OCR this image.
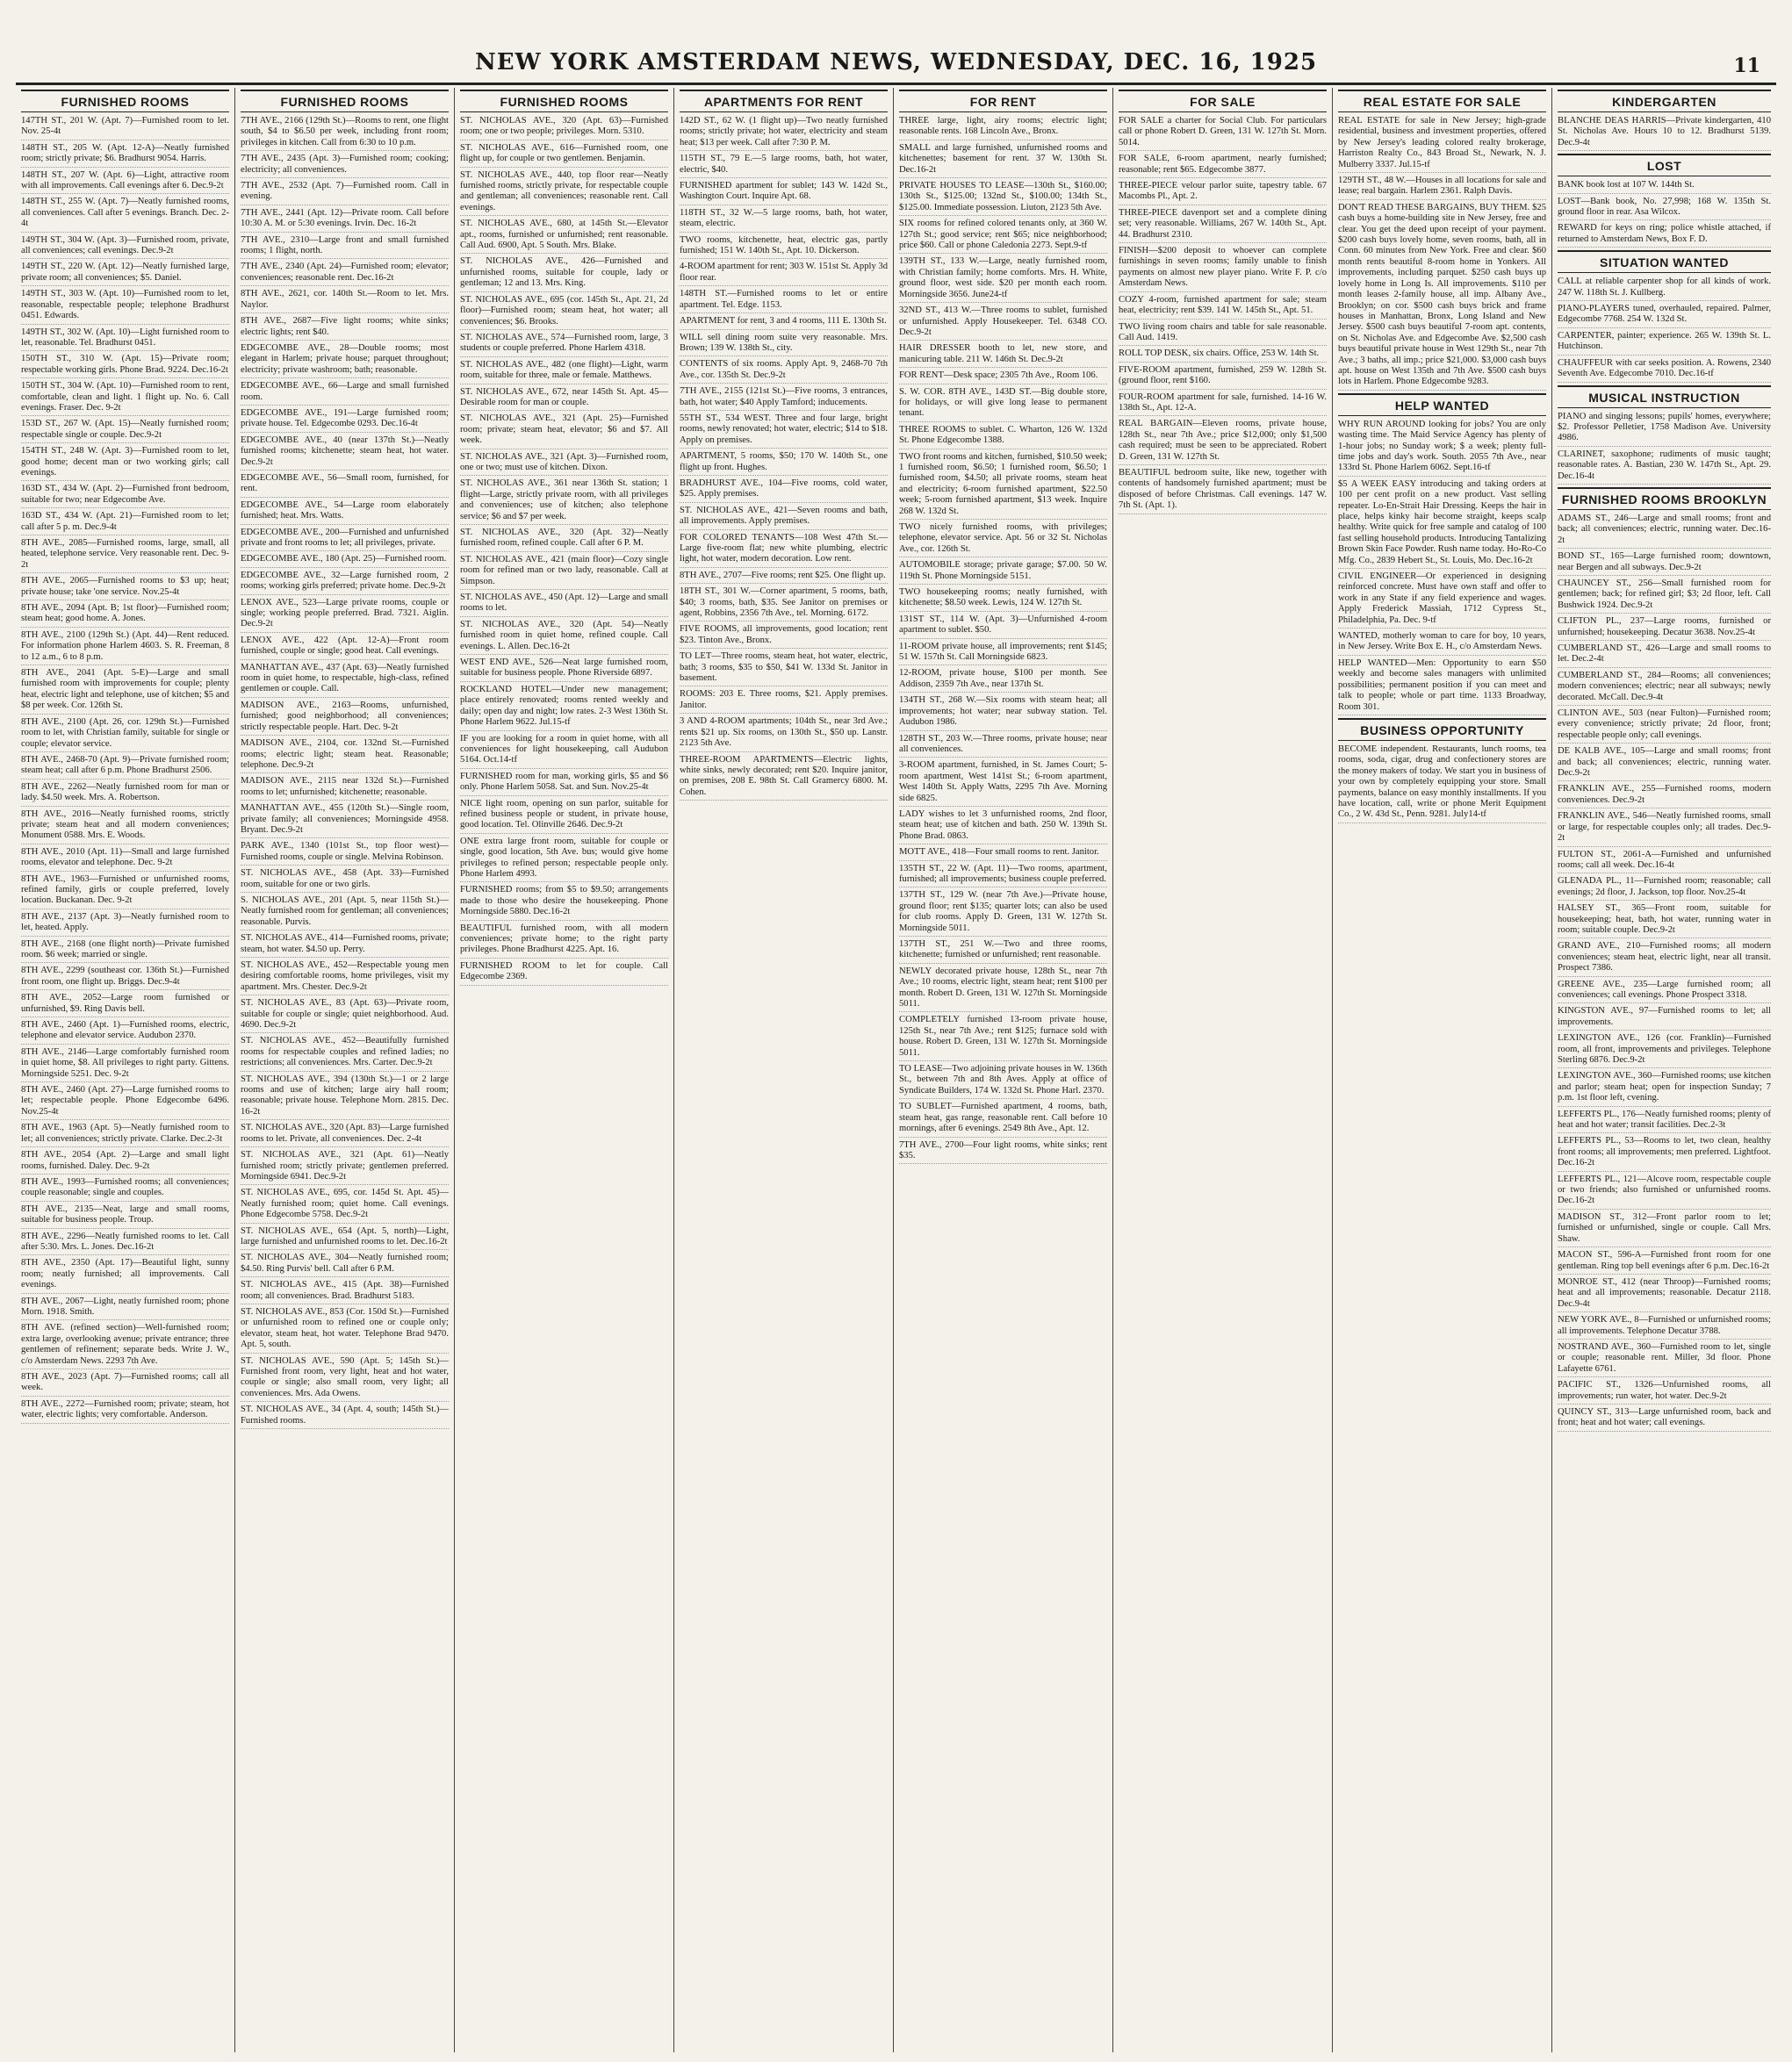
NEW YORK AMSTERDAM NEWS, WEDNESDAY, DEC. 16, 1925	11
FURNISHED ROOMS
147TH ST., 201 W. (Apt. 7)—Furnished room to let. Nov. 25-4t
148TH ST., 205 W. (Apt. 12-A)—Neatly furnished room; strictly private; $6. Bradhurst 9054. Harris.
148TH ST., 207 W. (Apt. 6)—Light, attractive room with all improvements. Call evenings after 6. Dec.9-2t
148TH ST., 255 W. (Apt. 7)—Neatly furnished rooms, all conveniences. Call after 5 evenings. Branch. Dec. 2-4t
149TH ST., 304 W. (Apt. 3)—Furnished room, private, all conveniences; call evenings. Dec.9-2t
149TH ST., 220 W. (Apt. 12)—Neatly furnished large, private room; all conveniences; $5. Daniel.
149TH ST., 303 W. (Apt. 10)—Furnished room to let, reasonable, respectable people; telephone Bradhurst 0451. Edwards.
149TH ST., 302 W. (Apt. 10)—Light furnished room to let, reasonable. Tel. Bradhurst 0451.
150TH ST., 310 W. (Apt. 15)—Private room; respectable working girls. Phone Brad. 9224. Dec.16-2t
150TH ST., 304 W. (Apt. 10)—Furnished room to rent, comfortable, clean and light. 1 flight up. No. 6. Call evenings. Fraser. Dec. 9-2t
153D ST., 267 W. (Apt. 15)—Neatly furnished room; respectable single or couple. Dec.9-2t
154TH ST., 248 W. (Apt. 3)—Furnished room to let, good home; decent man or two working girls; call evenings.
163D ST., 434 W. (Apt. 2)—Furnished front bedroom, suitable for two; near Edgecombe Ave.
163D ST., 434 W. (Apt. 21)—Furnished room to let; call after 5 p. m. Dec.9-4t
8TH AVE., 2085—Furnished rooms, large, small, all heated, telephone service. Very reasonable rent. Dec. 9-2t
8TH AVE., 2065—Furnished rooms to $3 up; heat; private house; take 'one service. Nov.25-4t
8TH AVE., 2094 (Apt. B; 1st floor)—Furnished room; steam heat; good home. A. Jones.
8TH AVE., 2100 (129th St.) (Apt. 44)—Rent reduced. For information phone Harlem 4603. S. R. Freeman, 8 to 12 a.m., 6 to 8 p.m.
8TH AVE., 2041 (Apt. 5-E)—Large and small furnished room with improvements for couple; plenty heat, electric light and telephone, use of kitchen; $5 and $8 per week. Cor. 126th St.
8TH AVE., 2100 (Apt. 26, cor. 129th St.)—Furnished room to let, with Christian family, suitable for single or couple; elevator service.
8TH AVE., 2468-70 (Apt. 9)—Private furnished room; steam heat; call after 6 p.m. Phone Bradhurst 2506.
8TH AVE., 2262—Neatly furnished room for man or lady. $4.50 week. Mrs. A. Robertson.
8TH AVE., 2016—Neatly furnished rooms, strictly private; steam heat and all modern conveniences; Monument 0588. Mrs. E. Woods.
8TH AVE., 2010 (Apt. 11)—Small and large furnished rooms, elevator and telephone. Dec. 9-2t
8TH AVE., 1963—Furnished or unfurnished rooms, refined family, girls or couple preferred, lovely location. Buckanan. Dec. 9-2t
8TH AVE., 2137 (Apt. 3)—Neatly furnished room to let, heated. Apply.
8TH AVE., 2168 (one flight north)—Private furnished room. $6 week; married or single.
8TH AVE., 2299 (southeast cor. 136th St.)—Furnished front room, one flight up. Briggs. Dec.9-4t
8TH AVE., 2052—Large room furnished or unfurnished, $9. Ring Davis bell.
8TH AVE., 2460 (Apt. 1)—Furnished rooms, electric, telephone and elevator service. Audubon 2370.
8TH AVE., 2146—Large comfortably furnished room in quiet home, $8. All privileges to right party. Gittens. Morningside 5251. Dec. 9-2t
8TH AVE., 2460 (Apt. 27)—Large furnished rooms to let; respectable people. Phone Edgecombe 6496. Nov.25-4t
8TH AVE., 1963 (Apt. 5)—Neatly furnished room to let; all conveniences; strictly private. Clarke. Dec.2-3t
8TH AVE., 2054 (Apt. 2)—Large and small light rooms, furnished. Daley. Dec. 9-2t
8TH AVE., 1993—Furnished rooms; all conveniences; couple reasonable; single and couples.
8TH AVE., 2135—Neat, large and small rooms, suitable for business people. Troup.
8TH AVE., 2296—Neatly furnished rooms to let. Call after 5:30. Mrs. L. Jones. Dec.16-2t
8TH AVE., 2350 (Apt. 17)—Beautiful light, sunny room; neatly furnished; all improvements. Call evenings.
8TH AVE., 2067—Light, neatly furnished room; phone Morn. 1918. Smith.
8TH AVE. (refined section)—Well-furnished room; extra large, overlooking avenue; private entrance; three gentlemen of refinement; separate beds. Write J. W., c/o Amsterdam News. 2293 7th Ave.
8TH AVE., 2023 (Apt. 7)—Furnished rooms; call all week.
8TH AVE., 2272—Furnished room; private; steam, hot water, electric lights; very comfortable. Anderson.
FURNISHED ROOMS
7TH AVE., 2166 (129th St.)—Rooms to rent, one flight south, $4 to $6.50 per week, including front room; privileges in kitchen. Call from 6:30 to 10 p.m.
7TH AVE., 2435 (Apt. 3)—Furnished room; cooking; electricity; all conveniences.
7TH AVE., 2532 (Apt. 7)—Furnished room. Call in evening.
7TH AVE., 2441 (Apt. 12)—Private room. Call before 10:30 A. M. or 5:30 evenings. Irvin. Dec. 16-2t
7TH AVE., 2310—Large front and small furnished rooms; 1 flight, north.
7TH AVE., 2340 (Apt. 24)—Furnished room; elevator; conveniences; reasonable rent. Dec.16-2t
8TH AVE., 2621, cor. 140th St.—Room to let. Mrs. Naylor.
8TH AVE., 2687—Five light rooms; white sinks; electric lights; rent $40.
EDGECOMBE AVE., 28—Double rooms; most elegant in Harlem; private house; parquet throughout; electricity; private washroom; bath; reasonable.
EDGECOMBE AVE., 66—Large and small furnished room.
EDGECOMBE AVE., 191—Large furnished room; private house. Tel. Edgecombe 0293. Dec.16-4t
EDGECOMBE AVE., 40 (near 137th St.)—Neatly furnished rooms; kitchenette; steam heat, hot water. Dec.9-2t
EDGECOMBE AVE., 56—Small room, furnished, for rent.
EDGECOMBE AVE., 54—Large room elaborately furnished; heat. Mrs. Watts.
EDGECOMBE AVE., 200—Furnished and unfurnished private and front rooms to let; all privileges, private.
EDGECOMBE AVE., 180 (Apt. 25)—Furnished room.
EDGECOMBE AVE., 32—Large furnished room, 2 rooms; working girls preferred; private home. Dec.9-2t
LENOX AVE., 523—Large private rooms, couple or single; working people preferred. Brad. 7321. Aiglin. Dec.9-2t
LENOX AVE., 422 (Apt. 12-A)—Front room furnished, couple or single; good heat. Call evenings.
MANHATTAN AVE., 437 (Apt. 63)—Neatly furnished room in quiet home, to respectable, high-class, refined gentlemen or couple. Call.
MADISON AVE., 2163—Rooms, unfurnished, furnished; good neighborhood; all conveniences; strictly respectable people. Hart. Dec. 9-2t
MADISON AVE., 2104, cor. 132nd St.—Furnished rooms; electric light; steam heat. Reasonable; telephone. Dec.9-2t
MADISON AVE., 2115 near 132d St.)—Furnished rooms to let; unfurnished; kitchenette; reasonable.
MANHATTAN AVE., 455 (120th St.)—Single room, private family; all conveniences; Morningside 4958. Bryant. Dec.9-2t
PARK AVE., 1340 (101st St., top floor west)—Furnished rooms, couple or single. Melvina Robinson.
ST. NICHOLAS AVE., 458 (Apt. 33)—Furnished room, suitable for one or two girls.
S. NICHOLAS AVE., 201 (Apt. 5, near 115th St.)—Neatly furnished room for gentleman; all conveniences; reasonable. Purvis.
ST. NICHOLAS AVE., 414—Furnished rooms, private; steam, hot water. $4.50 up. Perry.
ST. NICHOLAS AVE., 452—Respectable young men desiring comfortable rooms, home privileges, visit my apartment. Mrs. Chester. Dec.9-2t
ST. NICHOLAS AVE., 83 (Apt. 63)—Private room, suitable for couple or single; quiet neighborhood. Aud. 4690. Dec.9-2t
ST. NICHOLAS AVE., 452—Beautifully furnished rooms for respectable couples and refined ladies; no restrictions; all conveniences. Mrs. Carter. Dec.9-2t
ST. NICHOLAS AVE., 394 (130th St.)—1 or 2 large rooms and use of kitchen; large airy hall room; reasonable; private house. Telephone Morn. 2815. Dec. 16-2t
ST. NICHOLAS AVE., 320 (Apt. 83)—Large furnished rooms to let. Private, all conveniences. Dec. 2-4t
ST. NICHOLAS AVE., 321 (Apt. 61)—Neatly furnished room; strictly private; gentlemen preferred. Morningside 6941. Dec.9-2t
ST. NICHOLAS AVE., 695, cor. 145d St. Apt. 45)—Neatly furnished room; quiet home. Call evenings. Phone Edgecombe 5758. Dec.9-2t
ST. NICHOLAS AVE., 654 (Apt. 5, north)—Light, large furnished and unfurnished rooms to let. Dec.16-2t
ST. NICHOLAS AVE., 304—Neatly furnished room; $4.50. Ring Purvis' bell. Call after 6 P.M.
ST. NICHOLAS AVE., 415 (Apt. 38)—Furnished room; all conveniences. Brad. Bradhurst 5183.
ST. NICHOLAS AVE., 853 (Cor. 150d St.)—Furnished or unfurnished room to refined one or couple only; elevator, steam heat, hot water. Telephone Brad 9470. Apt. 5, south.
ST. NICHOLAS AVE., 590 (Apt. 5; 145th St.)—Furnished front room, very light, heat and hot water, couple or single; also small room, very light; all conveniences. Mrs. Ada Owens.
ST. NICHOLAS AVE., 34 (Apt. 4, south; 145th St.)—Furnished rooms.
FURNISHED ROOMS
ST. NICHOLAS AVE., 320 (Apt. 63)—Furnished room; one or two people; privileges. Morn. 5310.
ST. NICHOLAS AVE., 616—Furnished room, one flight up, for couple or two gentlemen. Benjamin.
ST. NICHOLAS AVE., 440, top floor rear—Neatly furnished rooms, strictly private, for respectable couple and gentleman; all conveniences; reasonable rent. Call evenings.
ST. NICHOLAS AVE., 680, at 145th St.—Elevator apt., rooms, furnished or unfurnished; rent reasonable. Call Aud. 6900, Apt. 5 South. Mrs. Blake.
ST. NICHOLAS AVE., 426—Furnished and unfurnished rooms, suitable for couple, lady or gentleman; 12 and 13. Mrs. King.
ST. NICHOLAS AVE., 695 (cor. 145th St., Apt. 21, 2d floor)—Furnished room; steam heat, hot water; all conveniences; $6. Brooks.
ST. NICHOLAS AVE., 574—Furnished room, large, 3 students or couple preferred. Phone Harlem 4318.
ST. NICHOLAS AVE., 482 (one flight)—Light, warm room, suitable for three, male or female. Matthews.
ST. NICHOLAS AVE., 672, near 145th St. Apt. 45—Desirable room for man or couple.
ST. NICHOLAS AVE., 321 (Apt. 25)—Furnished room; private; steam heat, elevator; $6 and $7. All week.
ST. NICHOLAS AVE., 321 (Apt. 3)—Furnished room, one or two; must use of kitchen. Dixon.
ST. NICHOLAS AVE., 361 near 136th St. station; 1 flight—Large, strictly private room, with all privileges and conveniences; use of kitchen; also telephone service; $6 and $7 per week.
ST. NICHOLAS AVE., 320 (Apt. 32)—Neatly furnished room, refined couple. Call after 6 P. M.
ST. NICHOLAS AVE., 421 (main floor)—Cozy single room for refined man or two lady, reasonable. Call at Simpson.
ST. NICHOLAS AVE., 450 (Apt. 12)—Large and small rooms to let.
ST. NICHOLAS AVE., 320 (Apt. 54)—Neatly furnished room in quiet home, refined couple. Call evenings. L. Allen. Dec.16-2t
WEST END AVE., 526—Neat large furnished room, suitable for business people. Phone Riverside 6897.
ROCKLAND HOTEL—Under new management; place entirely renovated; rooms rented weekly and daily; open day and night; low rates. 2-3 West 136th St. Phone Harlem 9622. Jul.15-tf
IF you are looking for a room in quiet home, with all conveniences for light housekeeping, call Audubon 5164. Oct.14-tf
FURNISHED room for man, working girls, $5 and $6 only. Phone Harlem 5058. Sat. and Sun. Nov.25-4t
NICE light room, opening on sun parlor, suitable for refined business people or student, in private house, good location. Tel. Olinville 2646. Dec.9-2t
ONE extra large front room, suitable for couple or single, good location, 5th Ave. bus; would give home privileges to refined person; respectable people only. Phone Harlem 4993.
FURNISHED rooms; from $5 to $9.50; arrangements made to those who desire the housekeeping. Phone Morningside 5880. Dec.16-2t
BEAUTIFUL furnished room, with all modern conveniences; private home; to the right party privileges. Phone Bradhurst 4225. Apt. 16.
FURNISHED ROOM to let for couple. Call Edgecombe 2369.
APARTMENTS FOR RENT
142D ST., 62 W. (1 flight up)—Two neatly furnished rooms; strictly private; hot water, electricity and steam heat; $13 per week. Call after 7:30 P. M.
115TH ST., 79 E.—5 large rooms, bath, hot water, electric, $40.
FURNISHED apartment for sublet; 143 W. 142d St., Washington Court. Inquire Apt. 68.
118TH ST., 32 W.—5 large rooms, bath, hot water, steam, electric.
TWO rooms, kitchenette, heat, electric gas, partly furnished; 151 W. 140th St., Apt. 10. Dickerson.
4-ROOM apartment for rent; 303 W. 151st St. Apply 3d floor rear.
148TH ST.—Furnished rooms to let or entire apartment. Tel. Edge. 1153.
APARTMENT for rent, 3 and 4 rooms, 111 E. 130th St.
WILL sell dining room suite very reasonable. Mrs. Brown; 139 W. 138th St., city.
CONTENTS of six rooms. Apply Apt. 9, 2468-70 7th Ave., cor. 135th St. Dec.9-2t
7TH AVE., 2155 (121st St.)—Five rooms, 3 entrances, bath, hot water; $40 Apply Tamford; inducements.
55TH ST., 534 WEST. Three and four large, bright rooms, newly renovated; hot water, electric; $14 to $18. Apply on premises.
APARTMENT, 5 rooms, $50; 170 W. 140th St., one flight up front. Hughes.
BRADHURST AVE., 104—Five rooms, cold water, $25. Apply premises.
ST. NICHOLAS AVE., 421—Seven rooms and bath, all improvements. Apply premises.
FOR COLORED TENANTS—108 West 47th St.—Large five-room flat; new white plumbing, electric light, hot water, modern decoration. Low rent.
8TH AVE., 2707—Five rooms; rent $25. One flight up.
18TH ST., 301 W.—Corner apartment, 5 rooms, bath, $40; 3 rooms, bath, $35. See Janitor on premises or agent, Robbins, 2356 7th Ave., tel. Morning. 6172.
FIVE ROOMS, all improvements, good location; rent $23. Tinton Ave., Bronx.
TO LET—Three rooms, steam heat, hot water, electric, bath; 3 rooms, $35 to $50, $41 W. 133d St. Janitor in basement.
ROOMS: 203 E. Three rooms, $21. Apply premises. Janitor.
3 AND 4-ROOM apartments; 104th St., near 3rd Ave.; rents $21 up. Six rooms, on 130th St., $50 up. Lanstr. 2123 5th Ave.
THREE-ROOM APARTMENTS—Electric lights, white sinks, newly decorated; rent $20. Inquire janitor, on premises, 208 E. 98th St. Call Gramercy 6800. M. Cohen.
FOR RENT
THREE large, light, airy rooms; electric light; reasonable rents. 168 Lincoln Ave., Bronx.
SMALL and large furnished, unfurnished rooms and kitchenettes; basement for rent. 37 W. 130th St. Dec.16-2t
PRIVATE HOUSES TO LEASE—130th St., $160.00; 130th St., $125.00; 132nd St., $100.00; 134th St., $125.00. Immediate possession. Liuton, 2123 5th Ave.
SIX rooms for refined colored tenants only, at 360 W. 127th St.; good service; rent $65; nice neighborhood; price $60. Call or phone Caledonia 2273. Sept.9-tf
139TH ST., 133 W.—Large, neatly furnished room, with Christian family; home comforts. Mrs. H. White, ground floor, west side. $20 per month each room. Morningside 3656. June24-tf
32ND ST., 413 W.—Three rooms to sublet, furnished or unfurnished. Apply Housekeeper. Tel. 6348 CO. Dec.9-2t
HAIR DRESSER booth to let, new store, and manicuring table. 211 W. 146th St. Dec.9-2t
FOR RENT—Desk space; 2305 7th Ave., Room 106.
S. W. COR. 8TH AVE., 143D ST.—Big double store, for holidays, or will give long lease to permanent tenant.
THREE ROOMS to sublet. C. Wharton, 126 W. 132d St. Phone Edgecombe 1388.
TWO front rooms and kitchen, furnished, $10.50 week; 1 furnished room, $6.50; 1 furnished room, $6.50; 1 furnished room, $4.50; all private rooms, steam heat and electricity; 6-room furnished apartment, $22.50 week; 5-room furnished apartment, $13 week. Inquire 268 W. 132d St.
TWO nicely furnished rooms, with privileges; telephone, elevator service. Apt. 56 or 32 St. Nicholas Ave., cor. 126th St.
AUTOMOBILE storage; private garage; $7.00. 50 W. 119th St. Phone Morningside 5151.
TWO housekeeping rooms; neatly furnished, with kitchenette; $8.50 week. Lewis, 124 W. 127th St.
131ST ST., 114 W. (Apt. 3)—Unfurnished 4-room apartment to sublet. $50.
11-ROOM private house, all improvements; rent $145; 51 W. 157th St. Call Morningside 6823.
12-ROOM, private house, $100 per month. See Addison, 2359 7th Ave., near 137th St.
134TH ST., 268 W.—Six rooms with steam heat; all improvements; hot water; near subway station. Tel. Audubon 1986.
128TH ST., 203 W.—Three rooms, private house; near all conveniences.
3-ROOM apartment, furnished, in St. James Court; 5-room apartment, West 141st St.; 6-room apartment, West 140th St. Apply Watts, 2295 7th Ave. Morning side 6825.
LADY wishes to let 3 unfurnished rooms, 2nd floor, steam heat; use of kitchen and bath. 250 W. 139th St. Phone Brad. 0863.
MOTT AVE., 418—Four small rooms to rent. Janitor.
135TH ST., 22 W. (Apt. 11)—Two rooms, apartment, furnished; all improvements; business couple preferred.
137TH ST., 129 W. (near 7th Ave.)—Private house, ground floor; rent $135; quarter lots; can also be used for club rooms. Apply D. Green, 131 W. 127th St. Morningside 5011.
137TH ST., 251 W.—Two and three rooms, kitchenette; furnished or unfurnished; rent reasonable.
NEWLY decorated private house, 128th St., near 7th Ave.; 10 rooms, electric light, steam heat; rent $100 per month. Robert D. Green, 131 W. 127th St. Morningside 5011.
COMPLETELY furnished 13-room private house, 125th St., near 7th Ave.; rent $125; furnace sold with house. Robert D. Green, 131 W. 127th St. Morningside 5011.
TO LEASE—Two adjoining private houses in W. 136th St., between 7th and 8th Aves. Apply at office of Syndicate Builders, 174 W. 132d St. Phone Harl. 2370.
TO SUBLET—Furnished apartment, 4 rooms, bath, steam heat, gas range, reasonable rent. Call before 10 mornings, after 6 evenings. 2549 8th Ave., Apt. 12.
7TH AVE., 2700—Four light rooms, white sinks; rent $35.
FOR SALE
FOR SALE a charter for Social Club. For particulars call or phone Robert D. Green, 131 W. 127th St. Morn. 5014.
FOR SALE, 6-room apartment, nearly furnished; reasonable; rent $65. Edgecombe 3877.
THREE-PIECE velour parlor suite, tapestry table. 67 Macombs Pl., Apt. 2.
THREE-PIECE davenport set and a complete dining set; very reasonable. Williams, 267 W. 140th St., Apt. 44. Bradhurst 2310.
FINISH—$200 deposit to whoever can complete furnishings in seven rooms; family unable to finish payments on almost new player piano. Write F. P. c/o Amsterdam News.
COZY 4-room, furnished apartment for sale; steam heat, electricity; rent $39. 141 W. 145th St., Apt. 51.
TWO living room chairs and table for sale reasonable. Call Aud. 1419.
ROLL TOP DESK, six chairs. Office, 253 W. 14th St.
FIVE-ROOM apartment, furnished, 259 W. 128th St. (ground floor, rent $160.
FOUR-ROOM apartment for sale, furnished. 14-16 W. 138th St., Apt. 12-A.
REAL BARGAIN—Eleven rooms, private house, 128th St., near 7th Ave.; price $12,000; only $1,500 cash required; must be seen to be appreciated. Robert D. Green, 131 W. 127th St.
BEAUTIFUL bedroom suite, like new, together with contents of handsomely furnished apartment; must be disposed of before Christmas. Call evenings. 147 W. 7th St. (Apt. 1).
REAL ESTATE FOR SALE
REAL ESTATE for sale in New Jersey; high-grade residential, business and investment properties, offered by New Jersey's leading colored realty brokerage, Harriston Realty Co., 843 Broad St., Newark, N. J. Mulberry 3337. Jul.15-tf
129TH ST., 48 W.—Houses in all locations for sale and lease; real bargain. Harlem 2361. Ralph Davis.
DON'T READ THESE BARGAINS, BUY THEM. $25 cash buys a home-building site in New Jersey, free and clear. You get the deed upon receipt of your payment. $200 cash buys lovely home, seven rooms, bath, all in Conn. 60 minutes from New York. Free and clear. $60 month rents beautiful 8-room home in Yonkers. All improvements, including parquet. $250 cash buys up lovely home in Long Is. All improvements. $110 per month leases 2-family house, all imp. Albany Ave., Brooklyn; on cor. $500 cash buys brick and frame houses in Manhattan, Bronx, Long Island and New Jersey. $500 cash buys beautiful 7-room apt. contents, on St. Nicholas Ave. and Edgecombe Ave. $2,500 cash buys beautiful private house in West 129th St., near 7th Ave.; 3 baths, all imp.; price $21,000. $3,000 cash buys apt. house on West 135th and 7th Ave. $500 cash buys lots in Harlem. Phone Edgecombe 9283.
HELP WANTED
WHY RUN AROUND looking for jobs? You are only wasting time. The Maid Service Agency has plenty of 1-hour jobs; no Sunday work; $ a week; plenty full-time jobs and day's work. South. 2055 7th Ave., near 133rd St. Phone Harlem 6062. Sept.16-tf
$5 A WEEK EASY introducing and taking orders at 100 per cent profit on a new product. Vast selling repeater. Lo-En-Strait Hair Dressing. Keeps the hair in place, helps kinky hair become straight, keeps scalp healthy. Write quick for free sample and catalog of 100 fast selling household products. Introducing Tantalizing Brown Skin Face Powder. Rush name today. Ho-Ro-Co Mfg. Co., 2839 Hebert St., St. Louis, Mo. Dec.16-2t
CIVIL ENGINEER—Or experienced in designing reinforced concrete. Must have own staff and offer to work in any State if any field experience and wages. Apply Frederick Massiah, 1712 Cypress St., Philadelphia, Pa. Dec. 9-tf
WANTED, motherly woman to care for boy, 10 years, in New Jersey. Write Box E. H., c/o Amsterdam News.
HELP WANTED—Men: Opportunity to earn $50 weekly and become sales managers with unlimited possibilities; permanent position if you can meet and talk to people; whole or part time. 1133 Broadway, Room 301.
BUSINESS OPPORTUNITY
BECOME independent. Restaurants, lunch rooms, tea rooms, soda, cigar, drug and confectionery stores are the money makers of today. We start you in business of your own by completely equipping your store. Small payments, balance on easy monthly installments. If you have location, call, write or phone Merit Equipment Co., 2 W. 43d St., Penn. 9281. July14-tf
KINDERGARTEN
BLANCHE DEAS HARRIS—Private kindergarten, 410 St. Nicholas Ave. Hours 10 to 12. Bradhurst 5139. Dec.9-4t
LOST
BANK book lost at 107 W. 144th St.
LOST—Bank book, No. 27,998; 168 W. 135th St. ground floor in rear. Asa Wilcox.
REWARD for keys on ring; police whistle attached, if returned to Amsterdam News, Box F. D.
SITUATION WANTED
CALL at reliable carpenter shop for all kinds of work. 247 W. 118th St. J. Kullberg.
PIANO-PLAYERS tuned, overhauled, repaired. Palmer, Edgecombe 7768. 254 W. 132d St.
CARPENTER, painter; experience. 265 W. 139th St. L. Hutchinson.
CHAUFFEUR with car seeks position. A. Rowens, 2340 Seventh Ave. Edgecombe 7010. Dec.16-tf
MUSICAL INSTRUCTION
PIANO and singing lessons; pupils' homes, everywhere; $2. Professor Pelletier, 1758 Madison Ave. University 4986.
CLARINET, saxophone; rudiments of music taught; reasonable rates. A. Bastian, 230 W. 147th St., Apt. 29. Dec.16-4t
FURNISHED ROOMS BROOKLYN
ADAMS ST., 246—Large and small rooms; front and back; all conveniences; electric, running water. Dec.16-2t
BOND ST., 165—Large furnished room; downtown, near Bergen and all subways. Dec.9-2t
CHAUNCEY ST., 256—Small furnished room for gentlemen; back; for refined girl; $3; 2d floor, left. Call Bushwick 1924. Dec.9-2t
CLIFTON PL., 237—Large rooms, furnished or unfurnished; housekeeping. Decatur 3638. Nov.25-4t
CUMBERLAND ST., 426—Large and small rooms to let. Dec.2-4t
CUMBERLAND ST., 284—Rooms; all conveniences; modern conveniences; electric; near all subways; newly decorated. McCall. Dec.9-4t
CLINTON AVE., 503 (near Fulton)—Furnished room; every convenience; strictly private; 2d floor, front; respectable people only; call evenings.
DE KALB AVE., 105—Large and small rooms; front and back; all conveniences; electric, running water. Dec.9-2t
FRANKLIN AVE., 255—Furnished rooms, modern conveniences. Dec.9-2t
FRANKLIN AVE., 546—Neatly furnished rooms, small or large, for respectable couples only; all trades. Dec.9-2t
FULTON ST., 2061-A—Furnished and unfurnished rooms; call all week. Dec.16-4t
GLENADA PL., 11—Furnished room; reasonable; call evenings; 2d floor, J. Jackson, top floor. Nov.25-4t
HALSEY ST., 365—Front room, suitable for housekeeping; heat, bath, hot water, running water in room; suitable couple. Dec.9-2t
GRAND AVE., 210—Furnished rooms; all modern conveniences; steam heat, electric light, near all transit. Prospect 7386.
GREENE AVE., 235—Large furnished room; all conveniences; call evenings. Phone Prospect 3318.
KINGSTON AVE., 97—Furnished rooms to let; all improvements.
LEXINGTON AVE., 126 (cor. Franklin)—Furnished room, all front, improvements and privileges. Telephone Sterling 6876. Dec.9-2t
LEXINGTON AVE., 360—Furnished rooms; use kitchen and parlor; steam heat; open for inspection Sunday; 7 p.m. 1st floor left, cvening.
LEFFERTS PL., 176—Neatly furnished rooms; plenty of heat and hot water; transit facilities. Dec.2-3t
LEFFERTS PL., 53—Rooms to let, two clean, healthy front rooms; all improvements; men preferred. Lightfoot. Dec.16-2t
LEFFERTS PL., 121—Alcove room, respectable couple or two friends; also furnished or unfurnished rooms. Dec.16-2t
MADISON ST., 312—Front parlor room to let; furnished or unfurnished, single or couple. Call Mrs. Shaw.
MACON ST., 596-A—Furnished front room for one gentleman. Ring top bell evenings after 6 p.m. Dec.16-2t
MONROE ST., 412 (near Throop)—Furnished rooms; heat and all improvements; reasonable. Decatur 2118. Dec.9-4t
NEW YORK AVE., 8—Furnished or unfurnished rooms; all improvements. Telephone Decatur 3788.
NOSTRAND AVE., 360—Furnished room to let, single or couple; reasonable rent. Miller, 3d floor. Phone Lafayette 6761.
PACIFIC ST., 1326—Unfurnished rooms, all improvements; run water, hot water. Dec.9-2t
QUINCY ST., 313—Large unfurnished room, back and front; heat and hot water; call evenings.
